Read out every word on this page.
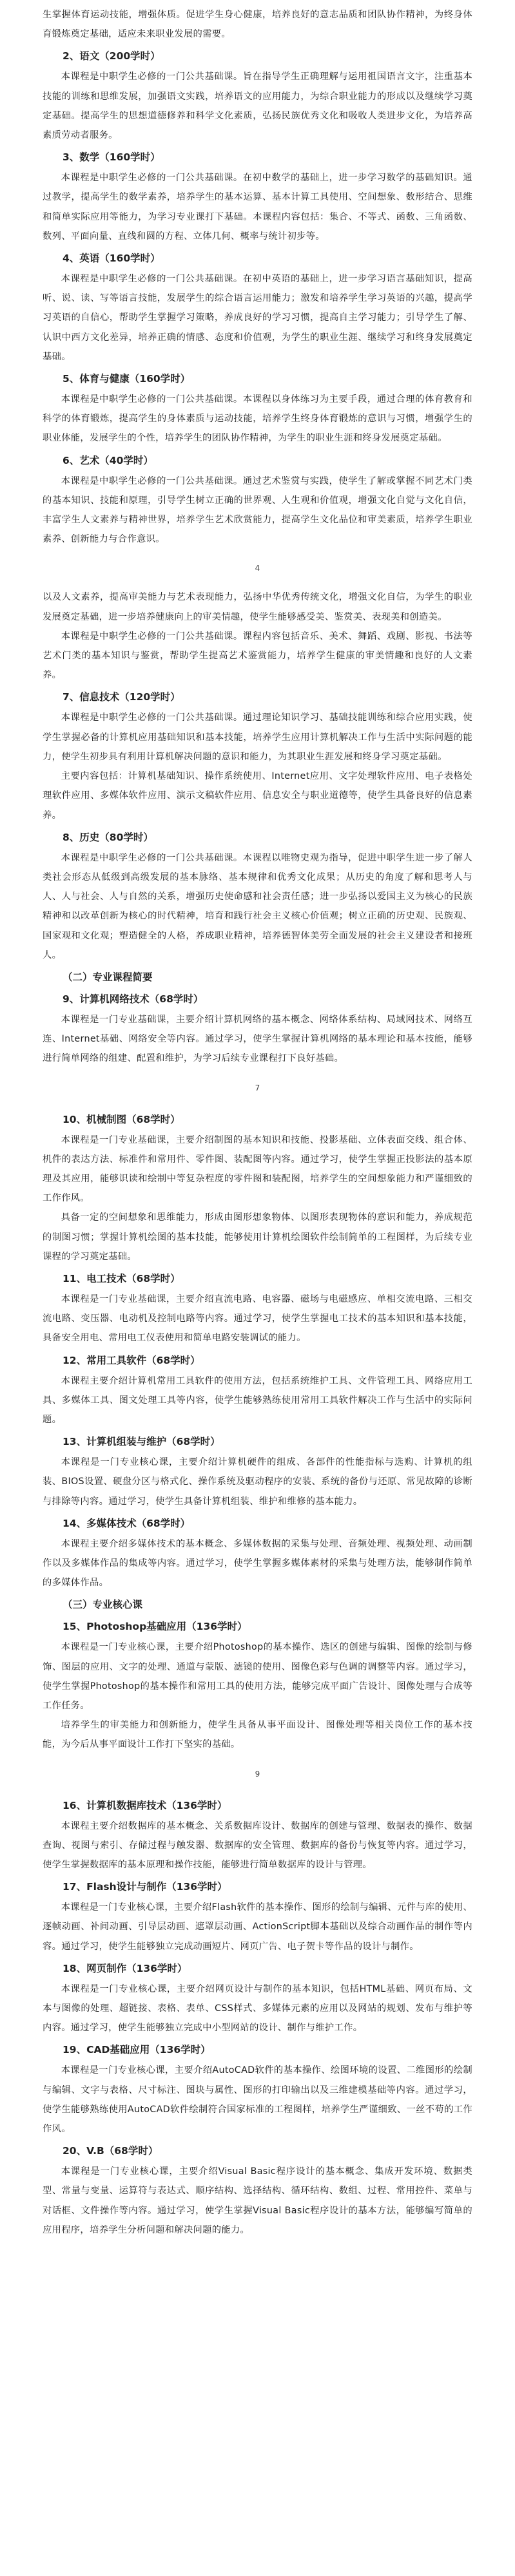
生掌握体育运动技能，增强体质。促进学生身心健康，培养良好的意志品质和团队协作精神，为终身体育锻炼奠定基础，适应未来职业发展的需要。

2、语文（200学时）

本课程是中职学生必修的一门公共基础课。旨在指导学生正确理解与运用祖国语言文字，注重基本技能的训练和思维发展，加强语文实践，培养语文的应用能力，为综合职业能力的形成以及继续学习奠定基础。提高学生的思想道德修养和科学文化素质，弘扬民族优秀文化和吸收人类进步文化，为培养高素质劳动者服务。

3、数学（160学时）

本课程是中职学生必修的一门公共基础课。在初中数学的基础上，进一步学习数学的基础知识。通过教学，提高学生的数学素养，培养学生的基本运算、基本计算工具使用、空间想象、数形结合、思维和简单实际应用等能力，为学习专业课打下基础。本课程内容包括：集合、不等式、函数、三角函数、数列、平面向量、直线和圆的方程、立体几何、概率与统计初步等。

4、英语（160学时）

本课程是中职学生必修的一门公共基础课。在初中英语的基础上，进一步学习语言基础知识，提高听、说、读、写等语言技能，发展学生的综合语言运用能力；激发和培养学生学习英语的兴趣，提高学习英语的自信心，帮助学生掌握学习策略，养成良好的学习习惯，提高自主学习能力；引导学生了解、认识中西方文化差异，培养正确的情感、态度和价值观，为学生的职业生涯、继续学习和终身发展奠定基础。

5、体育与健康（160学时）

本课程是中职学生必修的一门公共基础课。本课程以身体练习为主要手段，通过合理的体育教育和科学的体育锻炼，提高学生的身体素质与运动技能，培养学生终身体育锻炼的意识与习惯，增强学生的职业体能，发展学生的个性，培养学生的团队协作精神，为学生的职业生涯和终身发展奠定基础。

6、艺术（40学时）

本课程是中职学生必修的一门公共基础课。通过艺术鉴赏与实践，使学生了解或掌握不同艺术门类的基本知识、技能和原理，引导学生树立正确的世界观、人生观和价值观，增强文化自觉与文化自信，丰富学生人文素养与精神世界，培养学生艺术欣赏能力，提高学生文化品位和审美素质，培养学生职业素养、创新能力与合作意识。

4

以及人文素养，提高审美能力与艺术表现能力，弘扬中华优秀传统文化，增强文化自信，为学生的职业发展奠定基础，进一步培养健康向上的审美情趣，使学生能够感受美、鉴赏美、表现美和创造美。

本课程是中职学生必修的一门公共基础课。课程内容包括音乐、美术、舞蹈、戏剧、影视、书法等艺术门类的基本知识与鉴赏，帮助学生提高艺术鉴赏能力，培养学生健康的审美情趣和良好的人文素养。

7、信息技术（120学时）

本课程是中职学生必修的一门公共基础课。通过理论知识学习、基础技能训练和综合应用实践，使学生掌握必备的计算机应用基础知识和基本技能，培养学生应用计算机解决工作与生活中实际问题的能力，使学生初步具有利用计算机解决问题的意识和能力，为其职业生涯发展和终身学习奠定基础。

主要内容包括：计算机基础知识、操作系统使用、Internet应用、文字处理软件应用、电子表格处理软件应用、多媒体软件应用、演示文稿软件应用、信息安全与职业道德等，使学生具备良好的信息素养。

8、历史（80学时）

本课程是中职学生必修的一门公共基础课。本课程以唯物史观为指导，促进中职学生进一步了解人类社会形态从低级到高级发展的基本脉络、基本规律和优秀文化成果；从历史的角度了解和思考人与人、人与社会、人与自然的关系，增强历史使命感和社会责任感；进一步弘扬以爱国主义为核心的民族精神和以改革创新为核心的时代精神，培育和践行社会主义核心价值观；树立正确的历史观、民族观、国家观和文化观；塑造健全的人格，养成职业精神，培养德智体美劳全面发展的社会主义建设者和接班人。

（二）专业课程简要
9、计算机网络技术（68学时）

本课程是一门专业基础课，主要介绍计算机网络的基本概念、网络体系结构、局域网技术、网络互连、Internet基础、网络安全等内容。通过学习，使学生掌握计算机网络的基本理论和基本技能，能够进行简单网络的组建、配置和维护，为学习后续专业课程打下良好基础。

7
10、机械制图（68学时）

本课程是一门专业基础课，主要介绍制图的基本知识和技能、投影基础、立体表面交线、组合体、机件的表达方法、标准件和常用件、零件图、装配图等内容。通过学习，使学生掌握正投影法的基本原理及其应用，能够识读和绘制中等复杂程度的零件图和装配图，培养学生的空间想象能力和严谨细致的工作作风。

具备一定的空间想象和思维能力，形成由图形想象物体、以图形表现物体的意识和能力，养成规范的制图习惯；掌握计算机绘图的基本技能，能够使用计算机绘图软件绘制简单的工程图样，为后续专业课程的学习奠定基础。

11、电工技术（68学时）

本课程是一门专业基础课，主要介绍直流电路、电容器、磁场与电磁感应、单相交流电路、三相交流电路、变压器、电动机及控制电路等内容。通过学习，使学生掌握电工技术的基本知识和基本技能，具备安全用电、常用电工仪表使用和简单电路安装调试的能力。

12、常用工具软件（68学时）

本课程主要介绍计算机常用工具软件的使用方法，包括系统维护工具、文件管理工具、网络应用工具、多媒体工具、图文处理工具等内容，使学生能够熟练使用常用工具软件解决工作与生活中的实际问题。

13、计算机组装与维护（68学时）

本课程是一门专业核心课，主要介绍计算机硬件的组成、各部件的性能指标与选购、计算机的组装、BIOS设置、硬盘分区与格式化、操作系统及驱动程序的安装、系统的备份与还原、常见故障的诊断与排除等内容。通过学习，使学生具备计算机组装、维护和维修的基本能力。

14、多媒体技术（68学时）

本课程主要介绍多媒体技术的基本概念、多媒体数据的采集与处理、音频处理、视频处理、动画制作以及多媒体作品的集成等内容。通过学习，使学生掌握多媒体素材的采集与处理方法，能够制作简单的多媒体作品。

（三）专业核心课
15、Photoshop基础应用（136学时）

本课程是一门专业核心课，主要介绍Photoshop的基本操作、选区的创建与编辑、图像的绘制与修饰、图层的应用、文字的处理、通道与蒙版、滤镜的使用、图像色彩与色调的调整等内容。通过学习，使学生掌握Photoshop的基本操作和常用工具的使用方法，能够完成平面广告设计、图像处理与合成等工作任务。

培养学生的审美能力和创新能力，使学生具备从事平面设计、图像处理等相关岗位工作的基本技能，为今后从事平面设计工作打下坚实的基础。

9
16、计算机数据库技术（136学时）

本课程主要介绍数据库的基本概念、关系数据库设计、数据库的创建与管理、数据表的操作、数据查询、视图与索引、存储过程与触发器、数据库的安全管理、数据库的备份与恢复等内容。通过学习，使学生掌握数据库的基本原理和操作技能，能够进行简单数据库的设计与管理。

17、Flash设计与制作（136学时）

本课程是一门专业核心课，主要介绍Flash软件的基本操作、图形的绘制与编辑、元件与库的使用、逐帧动画、补间动画、引导层动画、遮罩层动画、ActionScript脚本基础以及综合动画作品的制作等内容。通过学习，使学生能够独立完成动画短片、网页广告、电子贺卡等作品的设计与制作。

18、网页制作（136学时）

本课程是一门专业核心课，主要介绍网页设计与制作的基本知识，包括HTML基础、网页布局、文本与图像的处理、超链接、表格、表单、CSS样式、多媒体元素的应用以及网站的规划、发布与维护等内容。通过学习，使学生能够独立完成中小型网站的设计、制作与维护工作。

19、CAD基础应用（136学时）

本课程是一门专业核心课，主要介绍AutoCAD软件的基本操作、绘图环境的设置、二维图形的绘制与编辑、文字与表格、尺寸标注、图块与属性、图形的打印输出以及三维建模基础等内容。通过学习，使学生能够熟练使用AutoCAD软件绘制符合国家标准的工程图样，培养学生严谨细致、一丝不苟的工作作风。

20、V.B（68学时）

本课程是一门专业核心课，主要介绍Visual Basic程序设计的基本概念、集成开发环境、数据类型、常量与变量、运算符与表达式、顺序结构、选择结构、循环结构、数组、过程、常用控件、菜单与对话框、文件操作等内容。通过学习，使学生掌握Visual Basic程序设计的基本方法，能够编写简单的应用程序，培养学生分析问题和解决问题的能力。
